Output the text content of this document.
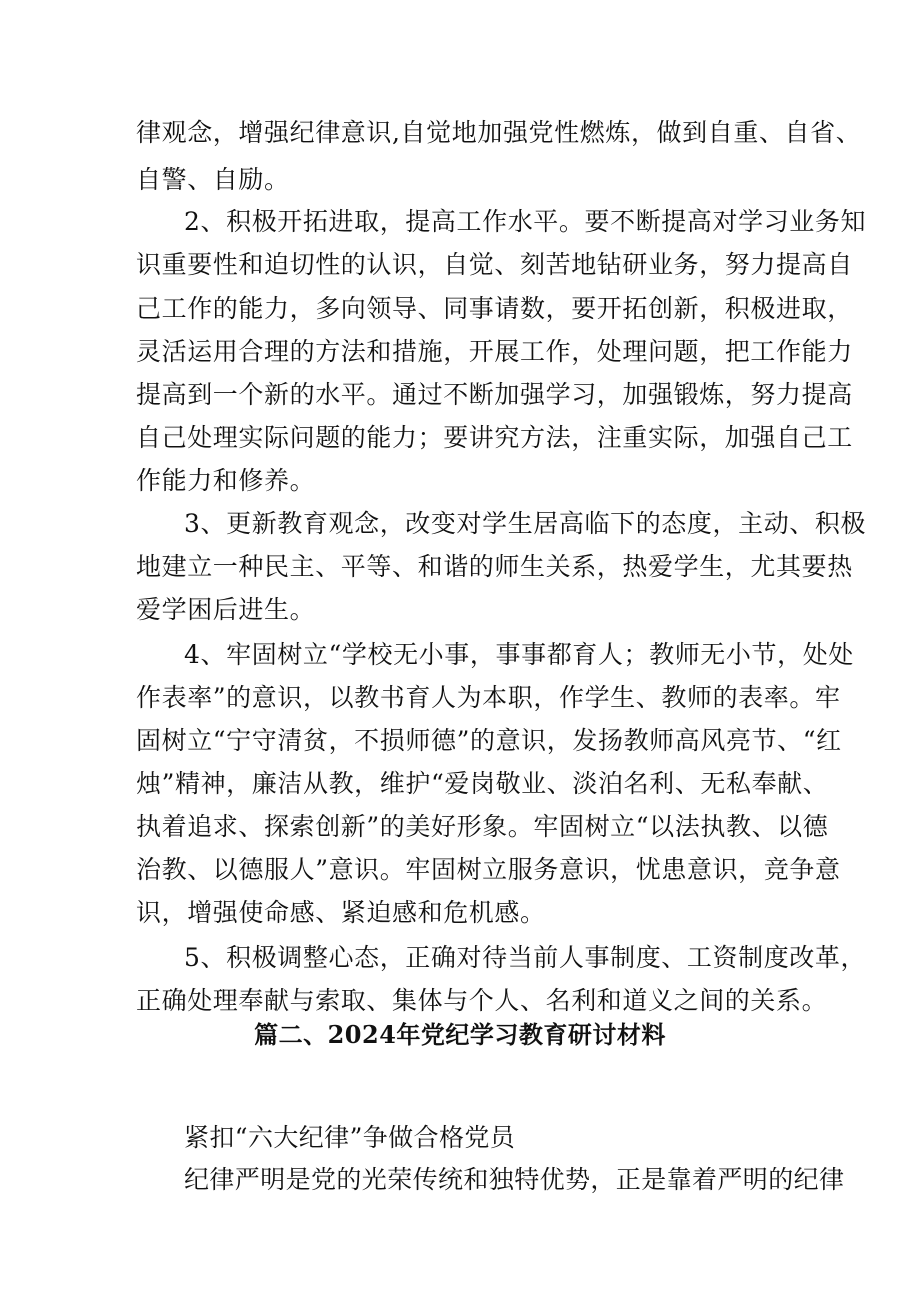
律观念，增强纪律意识,自觉地加强党性燃炼，做到自重、自省、
自警、自励。
2、积极开拓进取，提高工作水平。要不断提高对学习业务知
识重要性和迫切性的认识，自觉、刻苦地钻研业务，努力提高自
己工作的能力，多向领导、同事请数，要开拓创新，积极进取，
灵活运用合理的方法和措施，开展工作，处理问题，把工作能力
提高到一个新的水平。通过不断加强学习，加强锻炼，努力提高
自己处理实际问题的能力；要讲究方法，注重实际，加强自己工
作能力和修养。
3、更新教育观念，改变对学生居高临下的态度，主动、积极
地建立一种民主、平等、和谐的师生关系，热爱学生，尤其要热
爱学困后进生。
4、牢固树立“学校无小事，事事都育人；教师无小节，处处
作表率”的意识，以教书育人为本职，作学生、教师的表率。牢
固树立“宁守清贫，不损师德”的意识，发扬教师高风亮节、“红
烛”精神，廉洁从教，维护“爱岗敬业、淡泊名利、无私奉献、
执着追求、探索创新”的美好形象。牢固树立“以法执教、以德
治教、以德服人”意识。牢固树立服务意识，忧患意识，竞争意
识，增强使命感、紧迫感和危机感。
5、积极调整心态，正确对待当前人事制度、工资制度改革，
正确处理奉献与索取、集体与个人、名利和道义之间的关系。
篇二、2024年党纪学习教育研讨材料
紧扣“六大纪律”争做合格党员
纪律严明是党的光荣传统和独特优势，正是靠着严明的纪律
